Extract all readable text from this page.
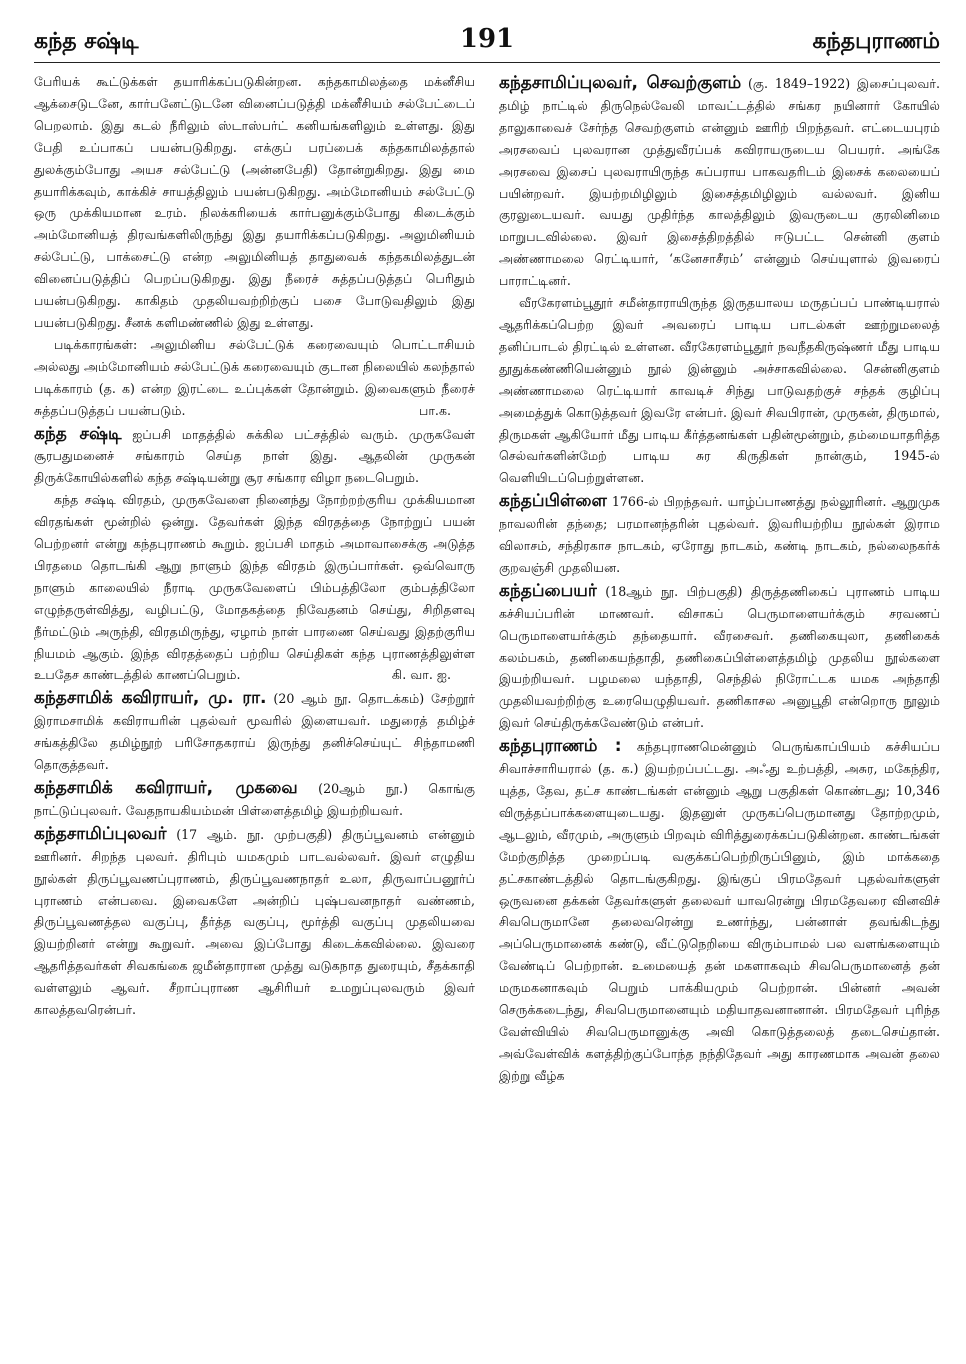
கந்த சஷ்டி	191	கந்தபுராணம்

பேரியக் கூட்டுக்கள் தயாரிக்கப்படுகின்றன. கந்தகாமிலத்தை மக்னீசிய ஆக்சைடுடனே, கார்பனேட்டுடனே வினைப்படுத்தி மக்னீசியம் சல்பேட்டைப் பெறலாம். இது கடல் நீரிலும் ஸ்டாஸ்பர்ட் கனியங்களிலும் உள்ளது. இது பேதி உப்பாகப் பயன்படுகிறது. எக்குப் பரப்பைக் கந்தகாமிலத்தால் துலக்கும்போது அயச சல்பேட்டு (அன்னபேதி) தோன்றுகிறது. இது மை தயாரிக்கவும், காக்கிச் சாயத்திலும் பயன்படுகிறது. அம்மோனியம் சல்பேட்டு ஒரு முக்கியமான உரம். நிலக்கரியைக் கார்பனுக்கும்போது கிடைக்கும் அம்மோனியத் திரவங்களிலிருந்து இது தயாரிக்கப்படுகிறது. அலுமினியம் சல்பேட்டு, பாக்சைட்டு என்ற அலுமினியத் தாதுவைக் கந்தகமிலத்துடன் வினைப்படுத்திப் பெறப்படுகிறது. இது நீரைச் சுத்தப்படுத்தப் பெரிதும் பயன்படுகிறது. காகிதம் முதலியவற்றிற்குப் பசை போடுவதிலும் இது பயன்படுகிறது. சீனக் களிமண்ணில் இது உள்ளது.

படிக்காரங்கள்: அலுமினிய சல்பேட்டுக் கரைவையும் பொட்டாசியம் அல்லது அம்மோனியம் சல்பேட்டுக் கரைவையும் குடான நிலையில் கலந்தால் படிக்காரம் (த. க) என்ற இரட்டை உப்புக்கள் தோன்றும். இவைகளும் நீரைச் சுத்தப்படுத்தப் பயன்படும்.	பா.க.

கந்த சஷ்டி ஐப்பசி மாதத்தில் சுக்கில பட்சத்தில் வரும். முருகவேள் சூரபதுமனைச் சங்காரம் செய்த நாள் இது. ஆதலின் முருகன் திருக்கோயில்களில் கந்த சஷ்டியன்று சூர சங்கார விழா நடைபெறும்.

கந்த சஷ்டி விரதம், முருகவேளை நினைந்து நோற்றற்குரிய முக்கியமான விரதங்கள் மூன்றில் ஒன்று. தேவர்கள் இந்த விரதத்தை நோற்றுப் பயன் பெற்றனர் என்று கந்தபுராணம் கூறும். ஐப்பசி மாதம் அமாவாசைக்கு அடுத்த பிரதமை தொடங்கி ஆறு நாளும் இந்த விரதம் இருப்பார்கள். ஒவ்வொரு நாளும் காலையில் நீராடி முருகவேளைப் பிம்பத்திலோ கும்பத்திலோ எழுந்தருள்வித்து, வழிபட்டு, மோதகத்தை நிவேதனம் செய்து, சிறிதளவு நீர்மட்டும் அருந்தி, விரதமிருந்து, ஏழாம் நாள் பாரணை செய்வது இதற்குரிய நியமம் ஆகும். இந்த விரதத்தைப் பற்றிய செய்திகள் கந்த புராணத்திலுள்ள உபதேச காண்டத்தில் காணப்பெறும்.	கி. வா. ஐ.

கந்தசாமிக் கவிராயர், மு. ரா. (20 ஆம் நூ. தொடக்கம்) சேற்றூர் இராமசாமிக் கவிராயரின் புதல்வர் மூவரில் இளையவர். மதுரைத் தமிழ்ச் சங்கத்திலே தமிழ்நூற் பரிசோதகராய் இருந்து தனிச்செய்யுட் சிந்தாமணி தொகுத்தவர்.

கந்தசாமிக் கவிராயர், முகவை (20ஆம் நூ.) கொங்கு நாட்டுப்புலவர். வேதநாயகியம்மன் பிள்ளைத்தமிழ் இயற்றியவர்.

கந்தசாமிப்புலவர் (17 ஆம். நூ. முற்பகுதி) திருப்பூவனம் என்னும் ஊரினர். சிறந்த புலவர். திரிபும் யமகமும் பாடவல்லவர். இவர் எழுதிய நூல்கள் திருப்பூவணப்புராணம், திருப்பூவணநாதர் உலா, திருவாப்பனூர்ப் புராணம் என்பவை. இவைகளே அன்றிப் புஷ்பவனநாதர் வண்ணம், திருப்பூவணத்தல வகுப்பு, தீர்த்த வகுப்பு, மூர்த்தி வகுப்பு முதலியவை இயற்றினர் என்று கூறுவர். அவை இப்போது கிடைக்கவில்லை. இவரை ஆதரித்தவர்கள் சிவகங்கை ஜமீன்தாரான முத்து வடுகநாத துரையும், சீதக்காதி வள்ளலும் ஆவர். சீறாப்புராண ஆசிரியர் உமறுப்புலவரும் இவர் காலத்தவரென்பர்.

கந்தசாமிப்புலவர், செவற்குளம் (கு. 1849–1922) இசைப்புலவர். தமிழ் நாட்டில் திருநெல்வேலி மாவட்டத்தில் சங்கர நயினார் கோயில் தாலுகாவைச் சேர்ந்த செவற்குளம் என்னும் ஊரிற் பிறந்தவர். எட்டையபுரம் அரசவைப் புலவரான முத்துவீரப்பக் கவிராயருடைய பெயரர். அங்கே அரசவை இசைப் புலவராயிருந்த சுப்பராய பாகவதரிடம் இசைக் கலையைப் பயின்றவர். இயற்றமிழிலும் இசைத்தமிழிலும் வல்லவர். இனிய குரலுடையவர். வயது முதிர்ந்த காலத்திலும் இவருடைய குரலினிமை மாறுபடவில்லை. இவர் இசைத்திறத்தில் ஈடுபட்ட சென்னி குளம் அண்ணாமலை ரெட்டியார், ‘கனேசாசீரம்’ என்னும் செய்யுளால் இவரைப் பாராட்டினர்.

வீரகேரளம்பூதூர் சமீன்தாராயிருந்த இருதயாலய மருதப்பப் பாண்டியரால் ஆதரிக்கப்பெற்ற இவர் அவரைப் பாடிய பாடல்கள் ஊற்றுமலைத் தனிப்பாடல் திரட்டில் உள்ளன. வீரகேரளம்பூதூர் நவநீதகிருஷ்ணர் மீது பாடிய தூதுக்கண்ணியென்னும் நூல் இன்னும் அச்சாகவில்லை. சென்னிகுளம் அண்ணாமலை ரெட்டியார் காவடிச் சிந்து பாடுவதற்குச் சந்தக் குழிப்பு அமைத்துக் கொடுத்தவர் இவரே என்பர். இவர் சிவபிரான், முருகன், திருமால், திருமகள் ஆகியோர் மீது பாடிய கீர்த்தனங்கள் பதின்மூன்றும், தம்மையாதரித்த செல்வர்களின்மேற் பாடிய சுர கிருதிகள் நான்கும், 1945-ல் வெளியிடப்பெற்றுள்ளன.

கந்தப்பிள்ளை 1766-ல் பிறந்தவர். யாழ்ப்பாணத்து நல்லூரினர். ஆறுமுக நாவலரின் தந்தை; பரமானந்தரின் புதல்வர். இவரியற்றிய நூல்கள் இராம விலாசம், சந்திரகாச நாடகம், ஏரோது நாடகம், கண்டி நாடகம், நல்லைநகர்க் குறவஞ்சி முதலியன.

கந்தப்பையர் (18ஆம் நூ. பிற்பகுதி) திருத்தணிகைப் புராணம் பாடிய கச்சியப்பரின் மாணவர். விசாகப் பெருமாளையர்க்கும் சரவணப் பெருமாளையர்க்கும் தந்தையார். வீரசைவர். தணிகையுலா, தணிகைக் கலம்பகம், தணிகையந்தாதி, தணிகைப்பிள்ளைத்தமிழ் முதலிய நூல்களை இயற்றியவர். பழமலை யந்தாதி, செந்தில் நிரோட்டக யமக அந்தாதி முதலியவற்றிற்கு உரையெழுதியவர். தணிகாசல அனுபூதி என்றொரு நூலும் இவர் செய்திருக்கவேண்டும் என்பர்.

கந்தபுராணம் : கந்தபுராணமென்னும் பெருங்காப்பியம் கச்சியப்ப சிவாச்சாரியரால் (த. க.) இயற்றப்பட்டது. அஃது உற்பத்தி, அசுர, மகேந்திர, யுத்த, தேவ, தட்ச காண்டங்கள் என்னும் ஆறு பகுதிகள் கொண்டது; 10,346 விருத்தப்பாக்களையுடையது. இதனுள் முருகப்பெருமானது தோற்றமும், ஆடலும், வீரமும், அருளும் பிறவும் விரித்துரைக்கப்படுகின்றன. காண்டங்கள் மேற்குறித்த முறைப்படி வகுக்கப்பெற்றிருப்பினும், இம் மாக்கதை தட்சகாண்டத்தில் தொடங்குகிறது. இங்குப் பிரமதேவர் புதல்வர்களுள் ஒருவனை தக்கன் தேவர்களுள் தலைவர் யாவரென்று பிரமதேவரை வினவிச் சிவபெருமானே தலைவரென்று உணர்ந்து, பன்னாள் தவங்கிடந்து அப்பெருமானைக் கண்டு, வீட்டுநெறியை விரும்பாமல் பல வளங்களையும் வேண்டிப் பெற்றான். உமையைத் தன் மகளாகவும் சிவபெருமானைத் தன் மருமகனாகவும் பெறும் பாக்கியமும் பெற்றான். பின்னர் அவன் செருக்கடைந்து, சிவபெருமானையும் மதியாதவனானான். பிரமதேவர் புரிந்த வேள்வியில் சிவபெருமானுக்கு அவி கொடுத்தலைத் தடைசெய்தான். அவ்வேள்விக் களத்திற்குப்போந்த நந்திதேவர் அது காரணமாக அவன் தலை இற்று வீழ்க
